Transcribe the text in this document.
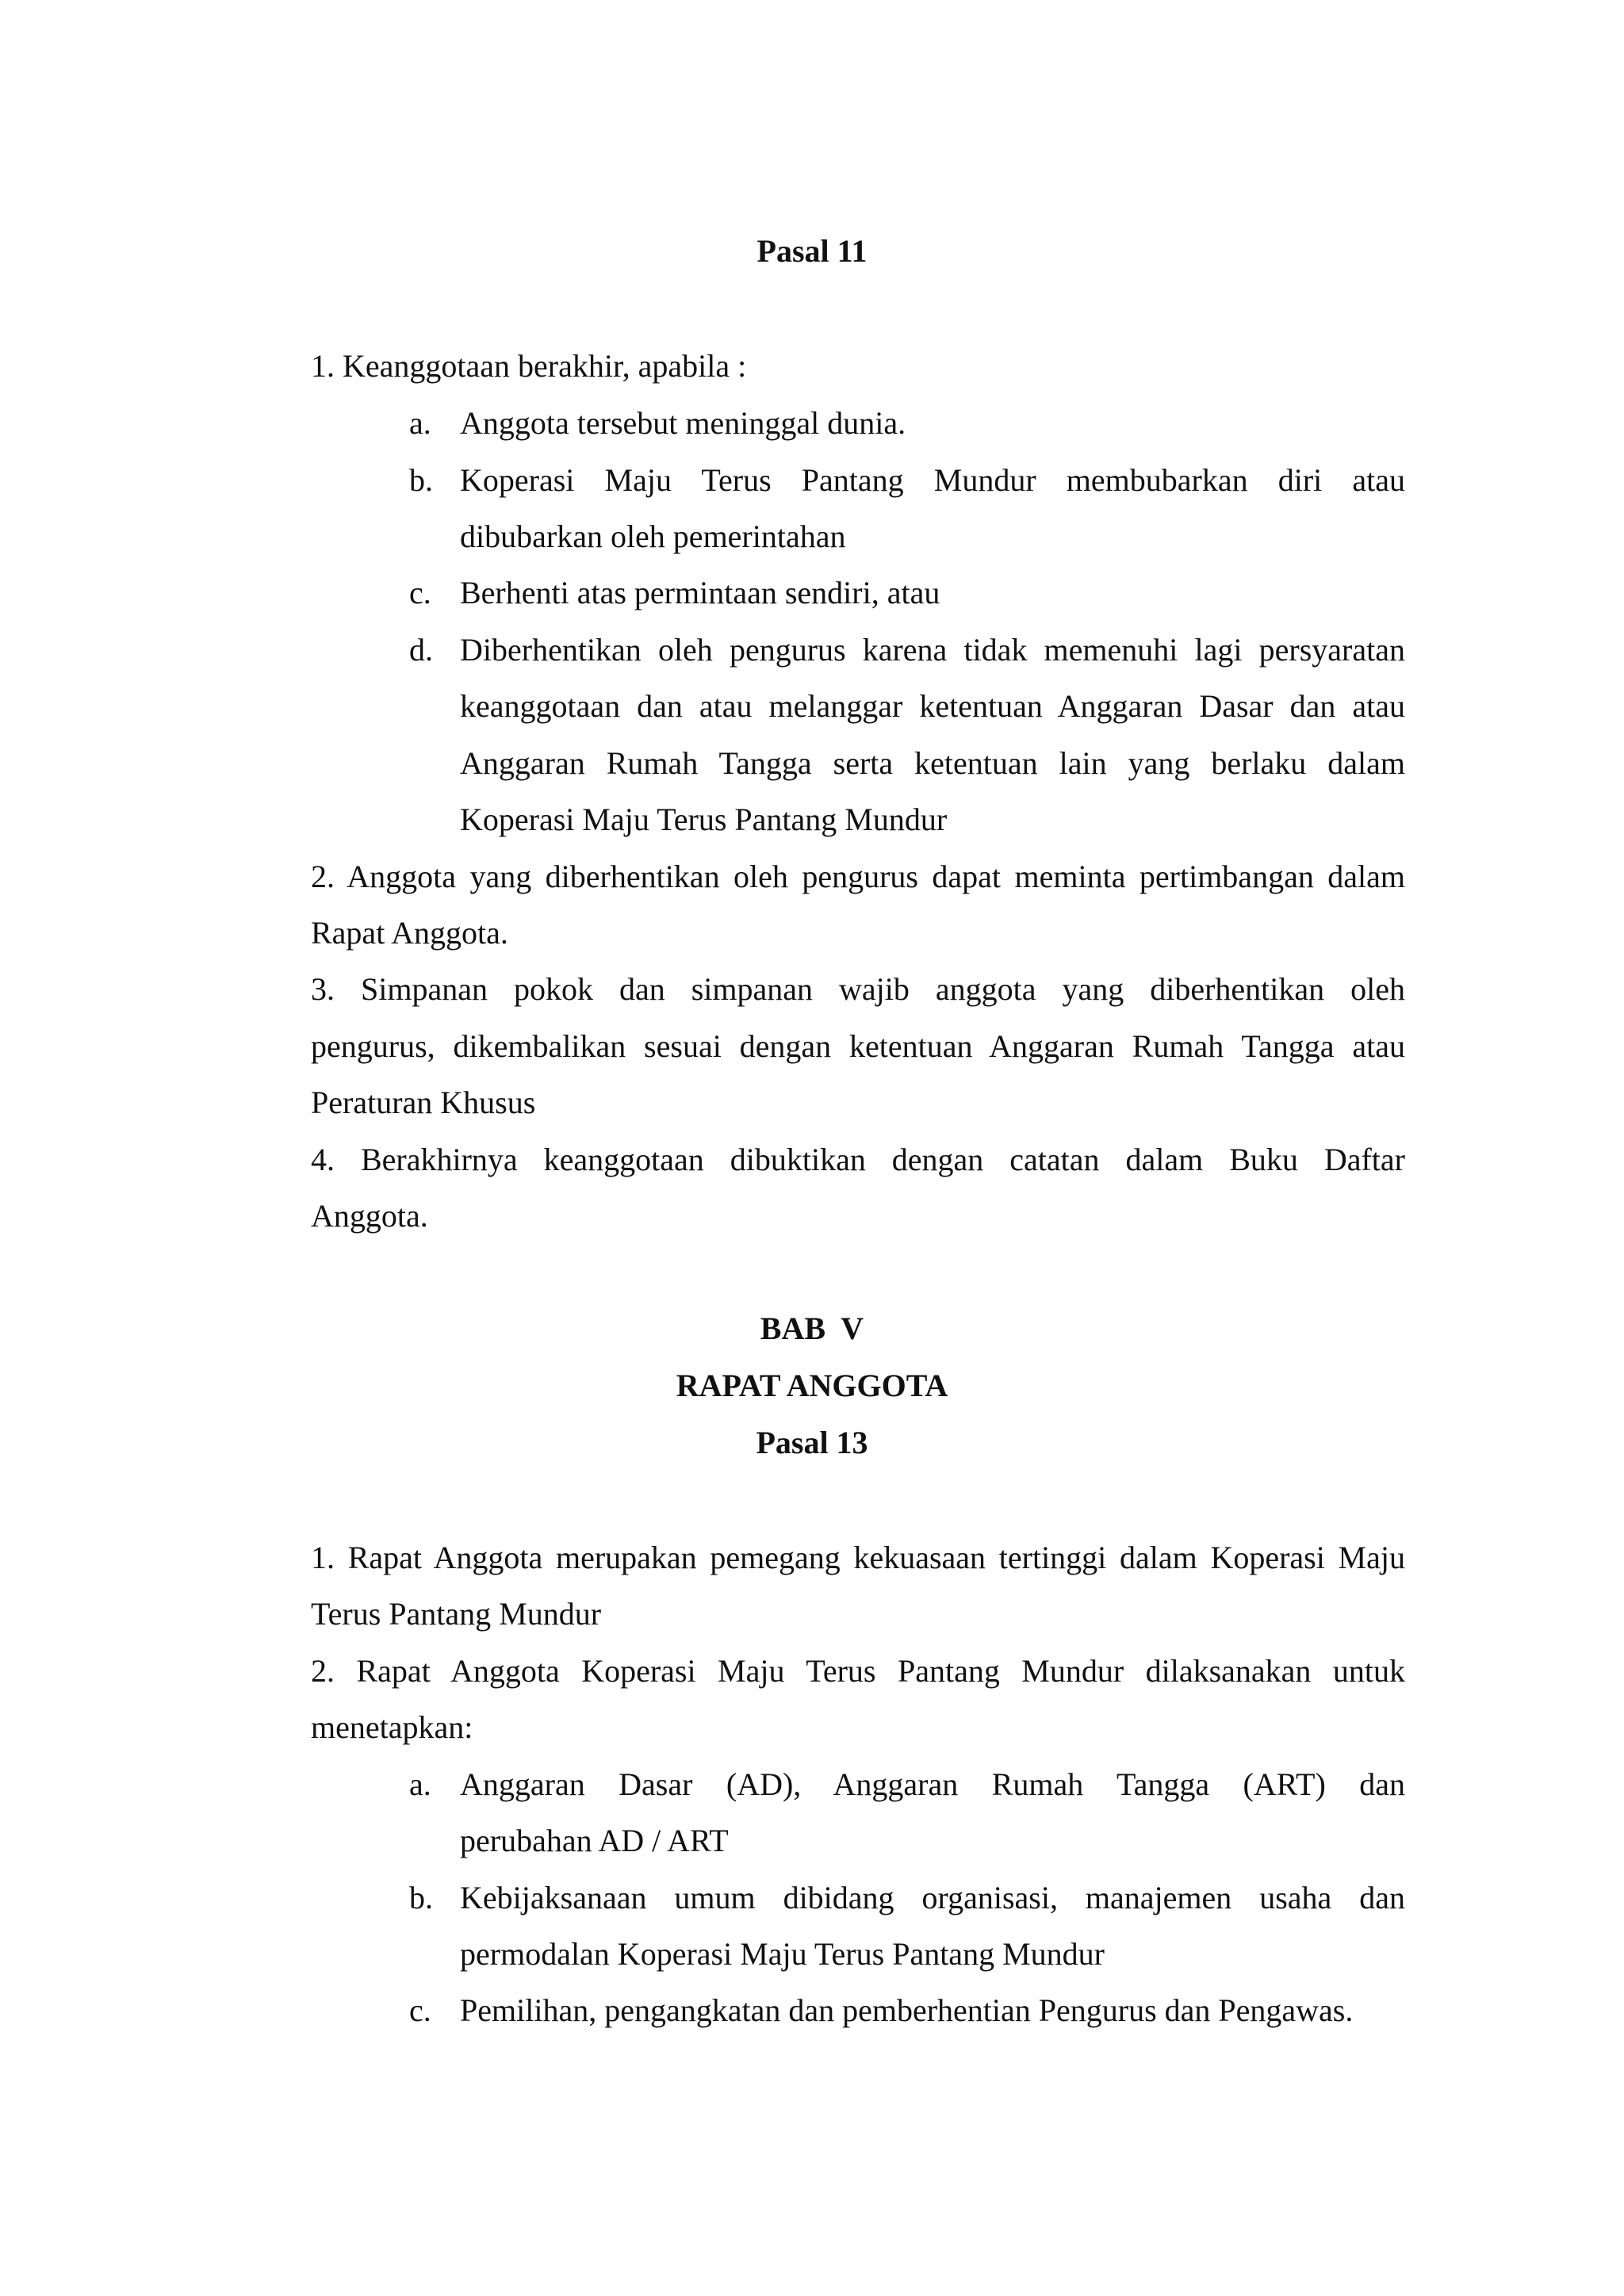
Pasal 11

1. Keanggotaan berakhir, apabila :

a. Anggota tersebut meninggal dunia.

b. Koperasi Maju Terus Pantang Mundur membubarkan diri atau

dibubarkan oleh pemerintahan

c. Berhenti atas permintaan sendiri, atau

d. Diberhentikan oleh pengurus karena tidak memenuhi lagi persyaratan

keanggotaan dan atau melanggar ketentuan Anggaran Dasar dan atau

Anggaran Rumah Tangga serta ketentuan lain yang berlaku dalam

Koperasi Maju Terus Pantang Mundur

2. Anggota yang diberhentikan oleh pengurus dapat meminta pertimbangan dalam

Rapat Anggota.

3. Simpanan pokok dan simpanan wajib anggota yang diberhentikan oleh

pengurus, dikembalikan sesuai dengan ketentuan Anggaran Rumah Tangga atau

Peraturan Khusus

4. Berakhirnya keanggotaan dibuktikan dengan catatan dalam Buku Daftar

Anggota.

BAB  V
RAPAT ANGGOTA
Pasal 13

1. Rapat Anggota merupakan pemegang kekuasaan tertinggi dalam Koperasi Maju

Terus Pantang Mundur

2. Rapat Anggota Koperasi Maju Terus Pantang Mundur dilaksanakan untuk

menetapkan:

a. Anggaran Dasar (AD), Anggaran Rumah Tangga (ART) dan

perubahan AD / ART

b. Kebijaksanaan umum dibidang organisasi, manajemen usaha dan

permodalan Koperasi Maju Terus Pantang Mundur

c. Pemilihan, pengangkatan dan pemberhentian Pengurus dan Pengawas.
